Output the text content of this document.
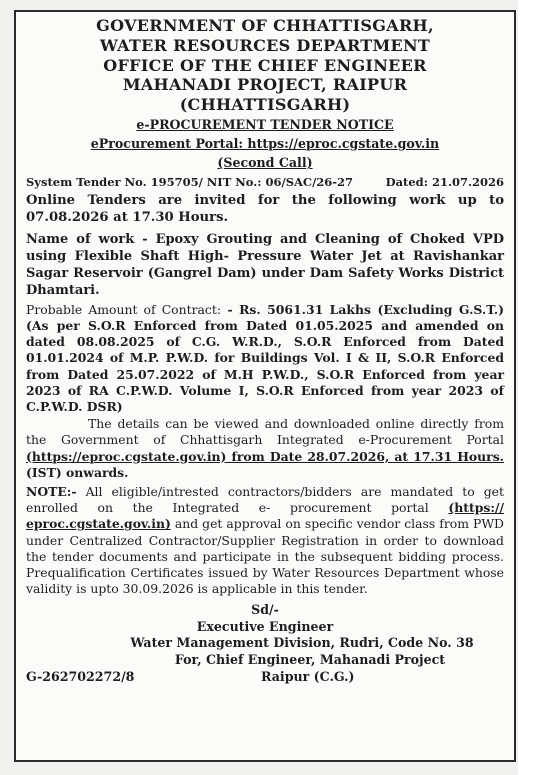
GOVERNMENT OF CHHATTISGARH,
WATER RESOURCES DEPARTMENT
OFFICE OF THE CHIEF ENGINEER
MAHANADI PROJECT, RAIPUR
(CHHATTISGARH)
e-PROCUREMENT TENDER NOTICE
eProcurement Portal: https://eproc.cgstate.gov.in
(Second Call)
System Tender No. 195705/ NIT No.: 06/SAC/26-27	Dated: 21.07.2026

Online Tenders are invited for the following work up to 07.08.2026 at 17.30 Hours.

Name of work - Epoxy Grouting and Cleaning of Choked VPD using Flexible Shaft High- Pressure Water Jet at Ravishankar Sagar Reservoir (Gangrel Dam) under Dam Safety Works District Dhamtari.

Probable Amount of Contract: - Rs. 5061.31 Lakhs (Excluding G.S.T.) (As per S.O.R Enforced from Dated 01.05.2025 and amended on dated 08.08.2025 of C.G. W.R.D., S.O.R Enforced from Dated 01.01.2024 of M.P. P.W.D. for Buildings Vol. I & II, S.O.R Enforced from Dated 25.07.2022 of M.H P.W.D., S.O.R Enforced from year 2023 of RA C.P.W.D. Volume I, S.O.R Enforced from year 2023 of C.P.W.D. DSR)

The details can be viewed and downloaded online directly from the Government of Chhattisgarh Integrated e-Procurement Portal (https://eproc.cgstate.gov.in) from Date 28.07.2026, at 17.31 Hours.(IST) onwards.

NOTE:- All eligible/intrested contractors/bidders are mandated to get enrolled on the Integrated e- procurement portal (https:// eproc.cgstate.gov.in) and get approval on specific vendor class from PWD under Centralized Contractor/Supplier Registration in order to download the tender documents and participate in the subsequent bidding process. Prequalification Certificates issued by Water Resources Department whose validity is upto 30.09.2026 is applicable in this tender.

Sd/-
Executive Engineer
Water Management Division, Rudri, Code No. 38
For, Chief Engineer, Mahanadi Project
G-262702272/8	Raipur (C.G.)
